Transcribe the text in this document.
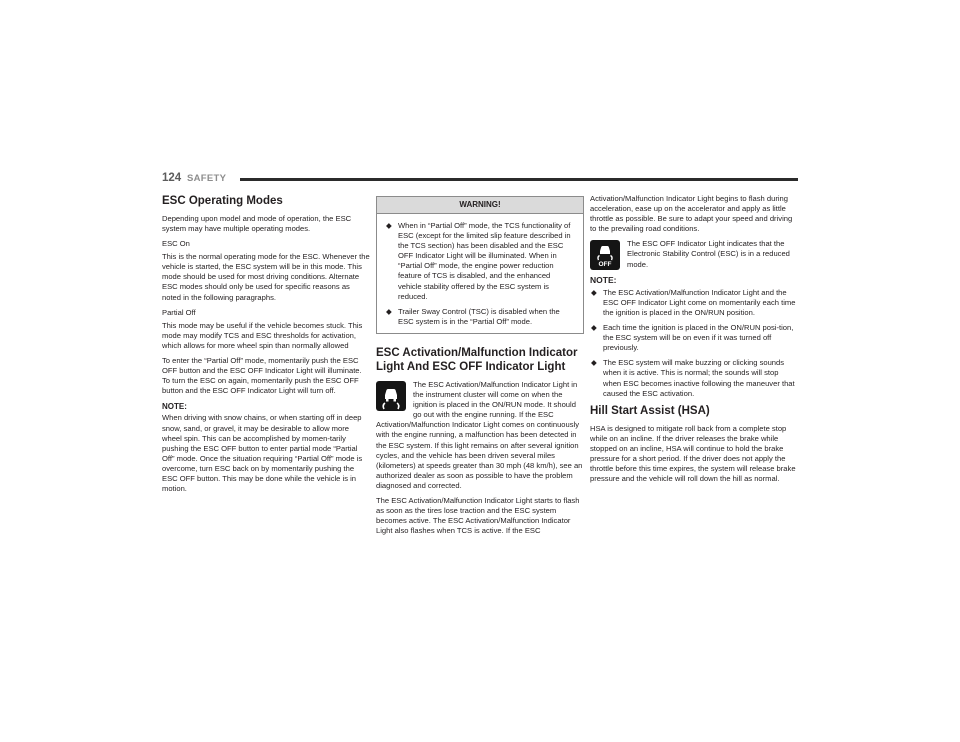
124 SAFETY
ESC Operating Modes

Depending upon model and mode of operation, the ESC system may have multiple operating modes.

ESC On

This is the normal operating mode for the ESC. Whenever the vehicle is started, the ESC system will be in this mode. This mode should be used for most driving conditions. Alternate ESC modes should only be used for specific reasons as noted in the following paragraphs.

Partial Off

This mode may be useful if the vehicle becomes stuck. This mode may modify TCS and ESC thresholds for activation, which allows for more wheel spin than normally allowed

To enter the “Partial Off” mode, momentarily push the ESC OFF button and the ESC OFF Indicator Light will illuminate. To turn the ESC on again, momentarily push the ESC OFF button and the ESC OFF Indicator Light will turn off.

NOTE:

When driving with snow chains, or when starting off in deep snow, sand, or gravel, it may be desirable to allow more wheel spin. This can be accomplished by momen-tarily pushing the ESC OFF button to enter partial mode “Partial Off” mode. Once the situation requiring “Partial Off” mode is overcome, turn ESC back on by momentarily pushing the ESC OFF button. This may be done while the vehicle is in motion.

WARNING!
◆ When in “Partial Off” mode, the TCS functionality of ESC (except for the limited slip feature described in the TCS section) has been disabled and the ESC OFF Indicator Light will be illuminated. When in “Partial Off” mode, the engine power reduction feature of TCS is disabled, and the enhanced vehicle stability offered by the ESC system is reduced.
◆ Trailer Sway Control (TSC) is disabled when the ESC system is in the “Partial Off” mode.
ESC Activation/Malfunction Indicator Light And ESC OFF Indicator Light

The ESC Activation/Malfunction Indicator Light in the instrument cluster will come on when the ignition is placed in the ON/RUN mode. It should go out with the engine running. If the ESC Activation/Malfunction Indicator Light comes on continuously with the engine running, a malfunction has been detected in the ESC system. If this light remains on after several ignition cycles, and the vehicle has been driven several miles (kilometers) at speeds greater than 30 mph (48 km/h), see an authorized dealer as soon as possible to have the problem diagnosed and corrected.

The ESC Activation/Malfunction Indicator Light starts to flash as soon as the tires lose traction and the ESC system becomes active. The ESC Activation/Malfunction Indicator Light also flashes when TCS is active. If the ESC

Activation/Malfunction Indicator Light begins to flash during acceleration, ease up on the accelerator and apply as little throttle as possible. Be sure to adapt your speed and driving to the prevailing road conditions.

OFF

The ESC OFF Indicator Light indicates that the Electronic Stability Control (ESC) is in a reduced mode.

NOTE:
◆ The ESC Activation/Malfunction Indicator Light and the ESC OFF Indicator Light come on momentarily each time the ignition is placed in the ON/RUN position.
◆ Each time the ignition is placed in the ON/RUN posi-tion, the ESC system will be on even if it was turned off previously.
◆ The ESC system will make buzzing or clicking sounds when it is active. This is normal; the sounds will stop when ESC becomes inactive following the maneuver that caused the ESC activation.
Hill Start Assist (HSA)

HSA is designed to mitigate roll back from a complete stop while on an incline. If the driver releases the brake while stopped on an incline, HSA will continue to hold the brake pressure for a short period. If the driver does not apply the throttle before this time expires, the system will release brake pressure and the vehicle will roll down the hill as normal.
